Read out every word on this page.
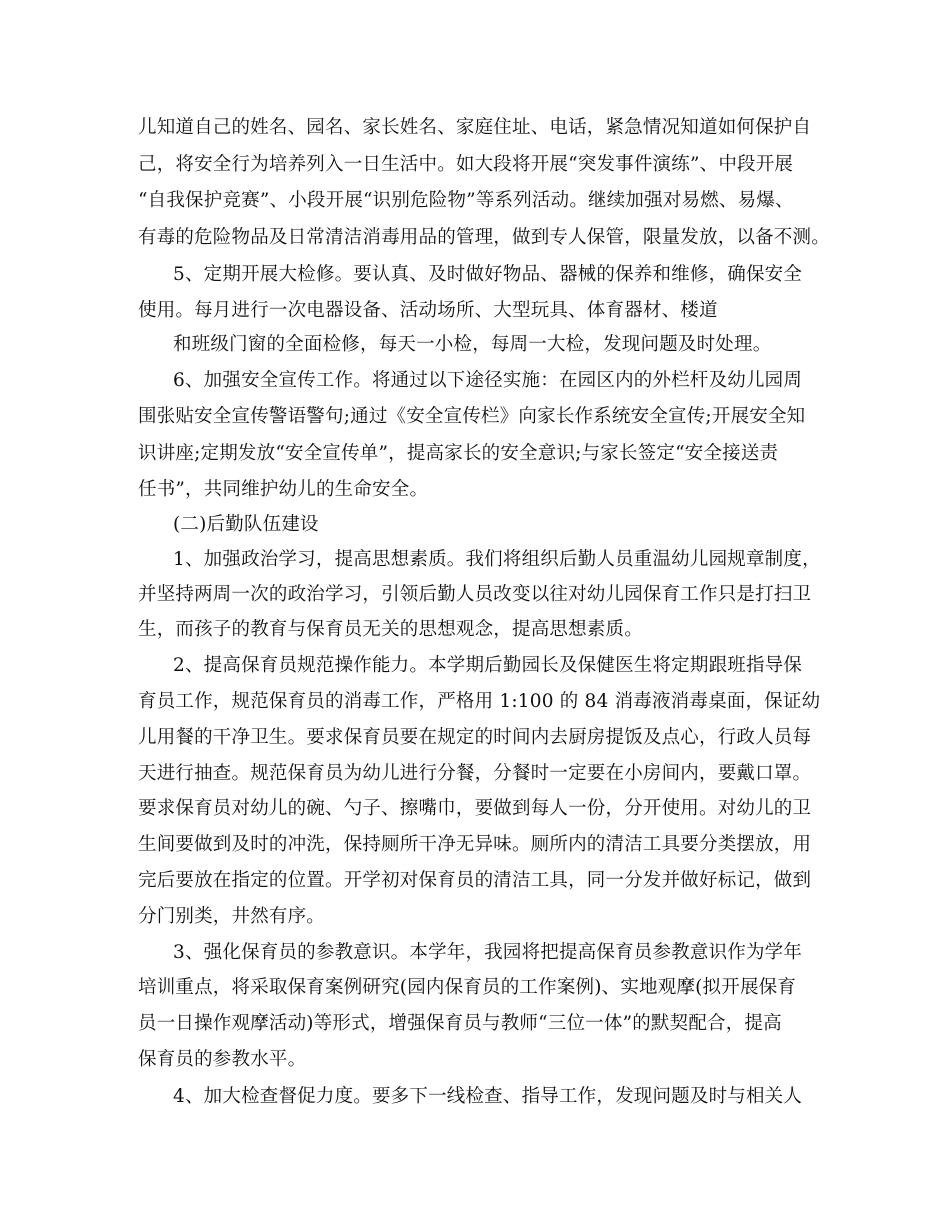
儿知道自己的姓名、园名、家长姓名、家庭住址、电话，紧急情况知道如何保护自
己，将安全行为培养列入一日生活中。如大段将开展“突发事件演练”、中段开展
“自我保护竞赛”、小段开展“识别危险物”等系列活动。继续加强对易燃、易爆、
有毒的危险物品及日常清洁消毒用品的管理，做到专人保管，限量发放，以备不测。
5、定期开展大检修。要认真、及时做好物品、器械的保养和维修，确保安全
使用。每月进行一次电器设备、活动场所、大型玩具、体育器材、楼道
和班级门窗的全面检修，每天一小检，每周一大检，发现问题及时处理。
6、加强安全宣传工作。将通过以下途径实施：在园区内的外栏杆及幼儿园周
围张贴安全宣传警语警句;通过《安全宣传栏》向家长作系统安全宣传;开展安全知
识讲座;定期发放“安全宣传单”，提高家长的安全意识;与家长签定“安全接送责
任书”，共同维护幼儿的生命安全。
(二)后勤队伍建设
1、加强政治学习，提高思想素质。我们将组织后勤人员重温幼儿园规章制度，
并坚持两周一次的政治学习，引领后勤人员改变以往对幼儿园保育工作只是打扫卫
生，而孩子的教育与保育员无关的思想观念，提高思想素质。
2、提高保育员规范操作能力。本学期后勤园长及保健医生将定期跟班指导保
育员工作，规范保育员的消毒工作，严格用 1:100 的 84 消毒液消毒桌面，保证幼
儿用餐的干净卫生。要求保育员要在规定的时间内去厨房提饭及点心，行政人员每
天进行抽查。规范保育员为幼儿进行分餐，分餐时一定要在小房间内，要戴口罩。
要求保育员对幼儿的碗、勺子、擦嘴巾，要做到每人一份，分开使用。对幼儿的卫
生间要做到及时的冲洗，保持厕所干净无异味。厕所内的清洁工具要分类摆放，用
完后要放在指定的位置。开学初对保育员的清洁工具，同一分发并做好标记，做到
分门别类，井然有序。
3、强化保育员的参教意识。本学年，我园将把提高保育员参教意识作为学年
培训重点，将采取保育案例研究(园内保育员的工作案例)、实地观摩(拟开展保育
员一日操作观摩活动)等形式，增强保育员与教师“三位一体”的默契配合，提高
保育员的参教水平。
4、加大检查督促力度。要多下一线检查、指导工作，发现问题及时与相关人
